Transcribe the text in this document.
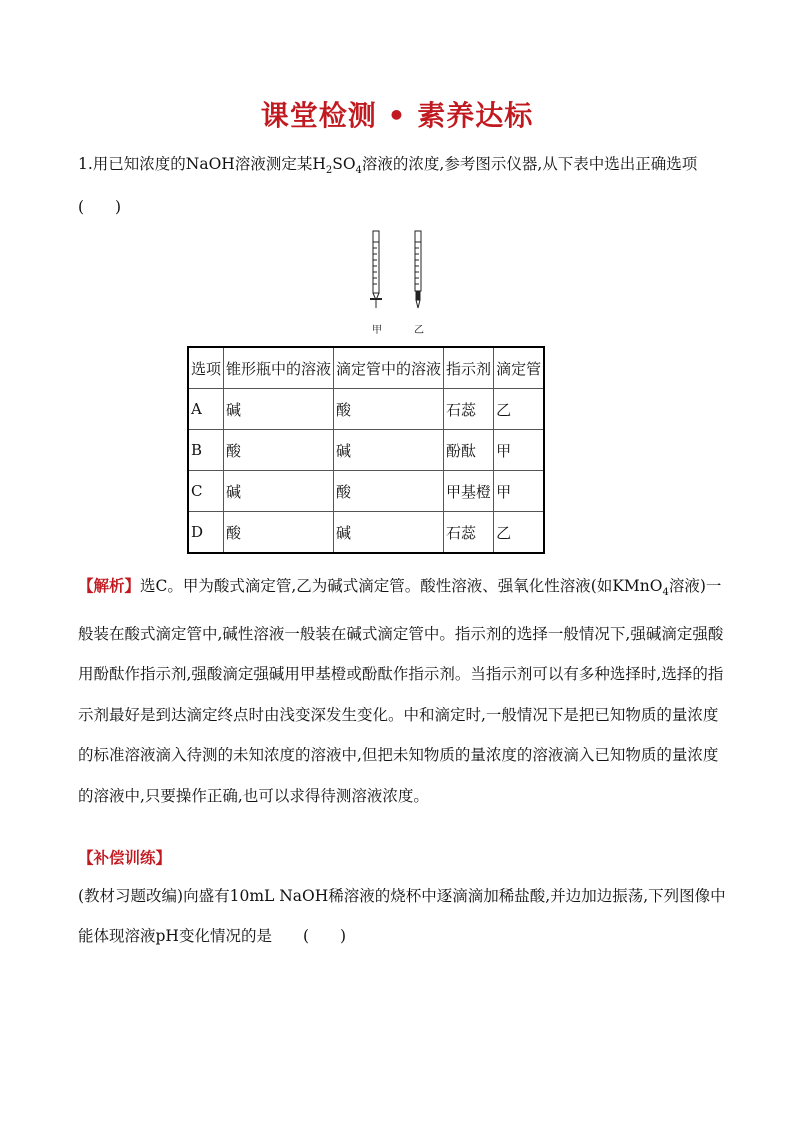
课堂检测 • 素养达标
1.用已知浓度的NaOH溶液测定某$H_2SO_4$溶液的浓度,参考图示仪器,从下表中选出正确选项　(　　)
甲	乙
选项	锥形瓶中的溶液	滴定管中的溶液	指示剂	滴定管
A	碱	酸	石蕊	乙
B	酸	碱	酚酞	甲
C	碱	酸	甲基橙	甲
D	酸	碱	石蕊	乙
【解析】选C。甲为酸式滴定管,乙为碱式滴定管。酸性溶液、强氧化性溶液(如KMnO$_4$溶液)一般装在酸式滴定管中,碱性溶液一般装在碱式滴定管中。指示剂的选择一般情况下,强碱滴定强酸用酚酞作指示剂,强酸滴定强碱用甲基橙或酚酞作指示剂。当指示剂可以有多种选择时,选择的指示剂最好是到达滴定终点时由浅变深发生变化。中和滴定时,一般情况下是把已知物质的量浓度的标准溶液滴入待测的未知浓度的溶液中,但把未知物质的量浓度的溶液滴入已知物质的量浓度的溶液中,只要操作正确,也可以求得待测溶液浓度。
【补偿训练】
(教材习题改编)向盛有10mL NaOH稀溶液的烧杯中逐滴滴加稀盐酸,并边加边振荡,下列图像中能体现溶液pH变化情况的是　　(　　)
